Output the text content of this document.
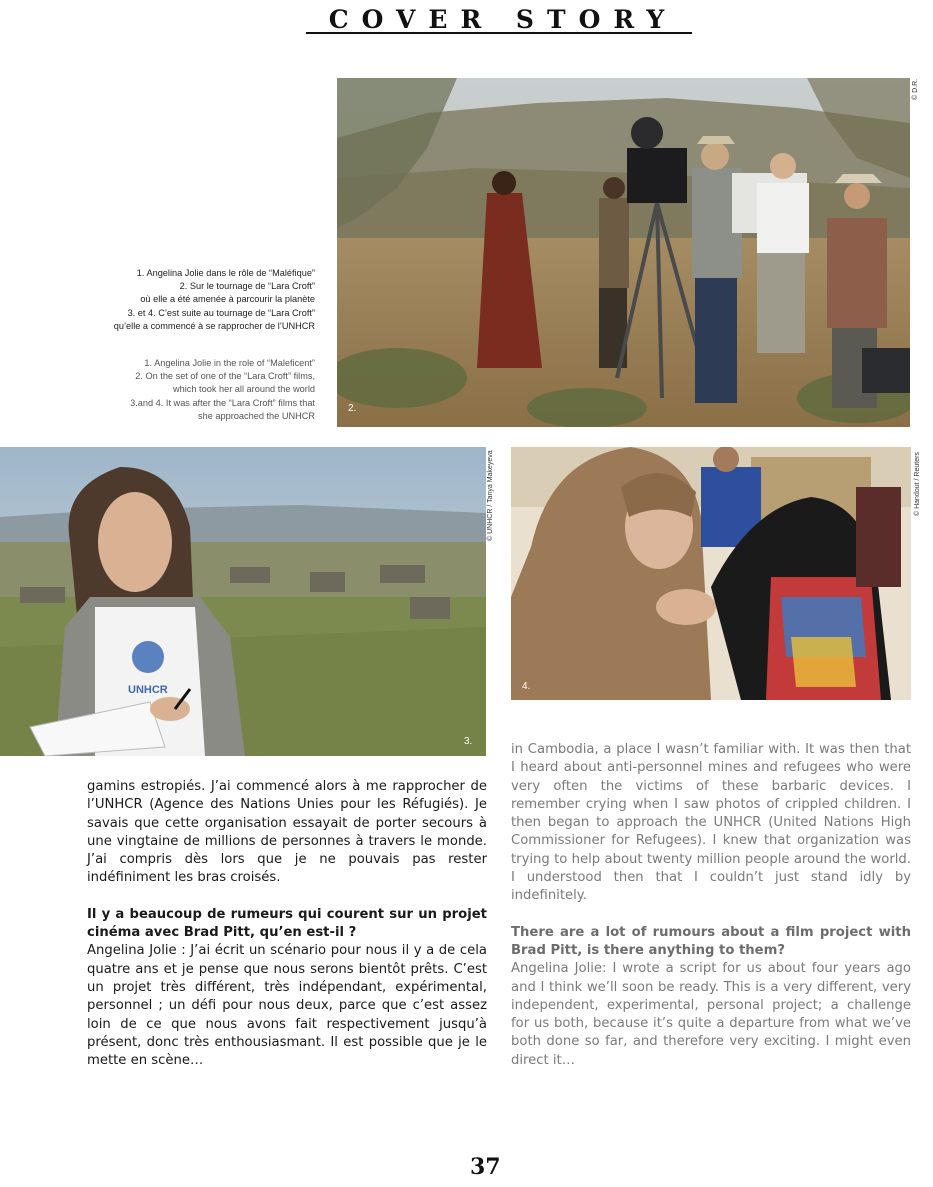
COVER STORY
2.
© D.R.

1. Angelina Jolie dans le rôle de “Maléfique”

2. Sur le tournage de “Lara Croft”

où elle a été amenée à parcourir la planète

3. et 4. C’est suite au tournage de “Lara Croft”

qu’elle a commencé à se rapprocher de l’UNHCR

1. Angelina Jolie in the role of “Maleficent”

2. On the set of one of the “Lara Croft” films,

which took her all around the world

3.and 4. It was after the “Lara Croft” films that

she approached the UNHCR

UNHCR
3.
© UNHCR / Tanya Makeyeva
4.
© Handout / Reuters

gamins estropiés. J’ai commencé alors à me rapprocher de l’UNHCR (Agence des Nations Unies pour les Réfugiés). Je savais que cette organisation essayait de porter secours à une vingtaine de millions de personnes à travers le monde. J’ai compris dès lors que je ne pouvais pas rester indéfiniment les bras croisés.

Il y a beaucoup de rumeurs qui courent sur un projet cinéma avec Brad Pitt, qu’en est-il ?

Angelina Jolie : J’ai écrit un scénario pour nous il y a de cela quatre ans et je pense que nous serons bientôt prêts. C’est un projet très différent, très indépendant, expérimental, personnel ; un défi pour nous deux, parce que c’est assez loin de ce que nous avons fait respectivement jusqu’à présent, donc très enthousiasmant. Il est possible que je le mette en scène…

in Cambodia, a place I wasn’t familiar with. It was then that I heard about anti-personnel mines and refugees who were very often the victims of these barbaric devices. I remember crying when I saw photos of crippled children. I then began to approach the UNHCR (United Nations High Commissioner for Refugees). I knew that organization was trying to help about twenty million people around the world. I understood then that I couldn’t just stand idly by indefinitely.

There are a lot of rumours about a film project with Brad Pitt, is there anything to them?

Angelina Jolie: I wrote a script for us about four years ago and I think we’ll soon be ready. This is a very different, very independent, experimental, personal project; a challenge for us both, because it’s quite a departure from what we’ve both done so far, and therefore very exciting. I might even direct it…

37
